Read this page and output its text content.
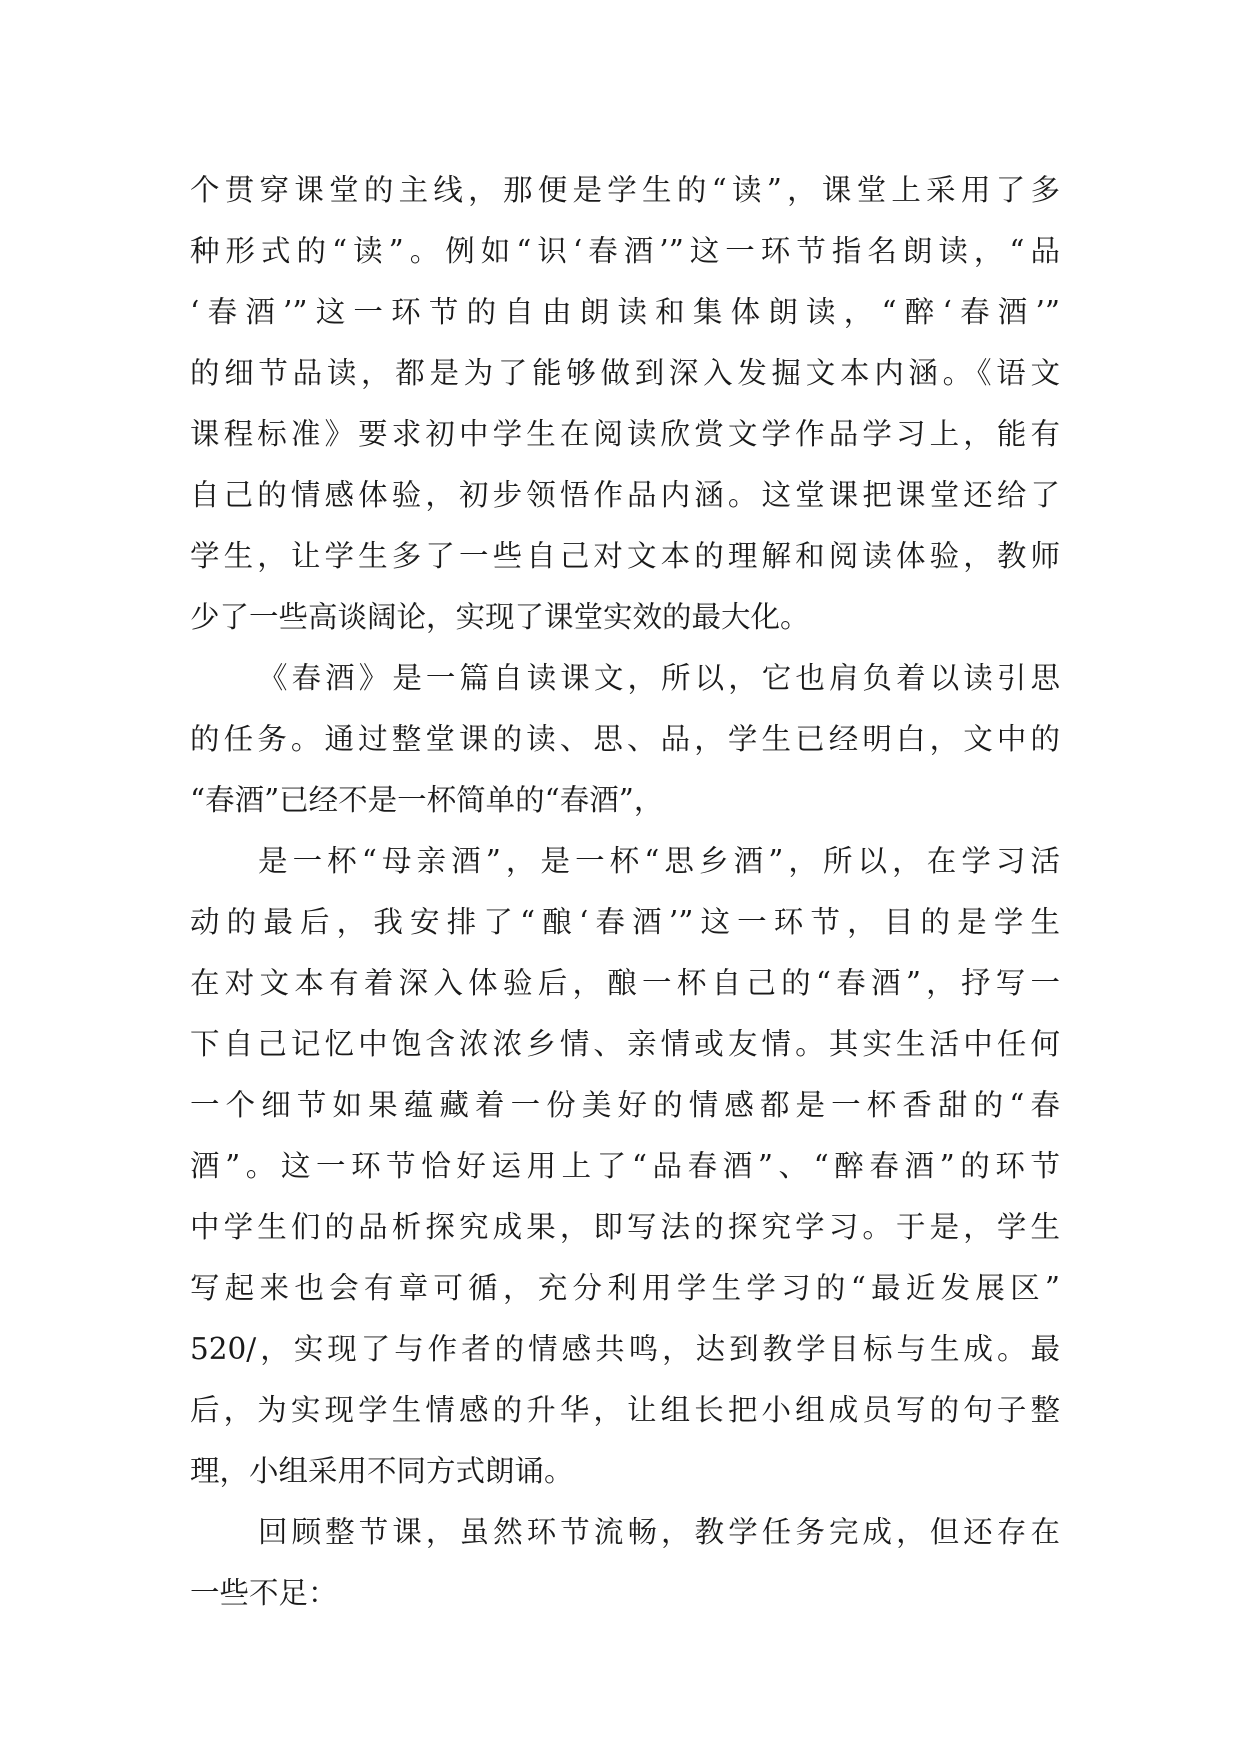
个贯穿课堂的主线，那便是学生的“读”，课堂上采用了多
种形式的“读”。例如“识‘春酒’”这一环节指名朗读，“品
‘春酒’”这一环节的自由朗读和集体朗读，“醉‘春酒’”
的细节品读，都是为了能够做到深入发掘文本内涵。《语文
课程标准》要求初中学生在阅读欣赏文学作品学习上，能有
自己的情感体验，初步领悟作品内涵。这堂课把课堂还给了
学生，让学生多了一些自己对文本的理解和阅读体验，教师
少了一些高谈阔论，实现了课堂实效的最大化。
《春酒》是一篇自读课文，所以，它也肩负着以读引思
的任务。通过整堂课的读、思、品，学生已经明白，文中的
“春酒”已经不是一杯简单的“春酒”，
是一杯“母亲酒”，是一杯“思乡酒”，所以，在学习活
动的最后，我安排了“酿‘春酒’”这一环节，目的是学生
在对文本有着深入体验后，酿一杯自己的“春酒”，抒写一
下自己记忆中饱含浓浓乡情、亲情或友情。其实生活中任何
一个细节如果蕴藏着一份美好的情感都是一杯香甜的“春
酒”。这一环节恰好运用上了“品春酒”、“醉春酒”的环节
中学生们的品析探究成果，即写法的探究学习。于是，学生
写起来也会有章可循，充分利用学生学习的“最近发展区”
520/，实现了与作者的情感共鸣，达到教学目标与生成。最
后，为实现学生情感的升华，让组长把小组成员写的句子整
理，小组采用不同方式朗诵。
回顾整节课，虽然环节流畅，教学任务完成，但还存在
一些不足：
